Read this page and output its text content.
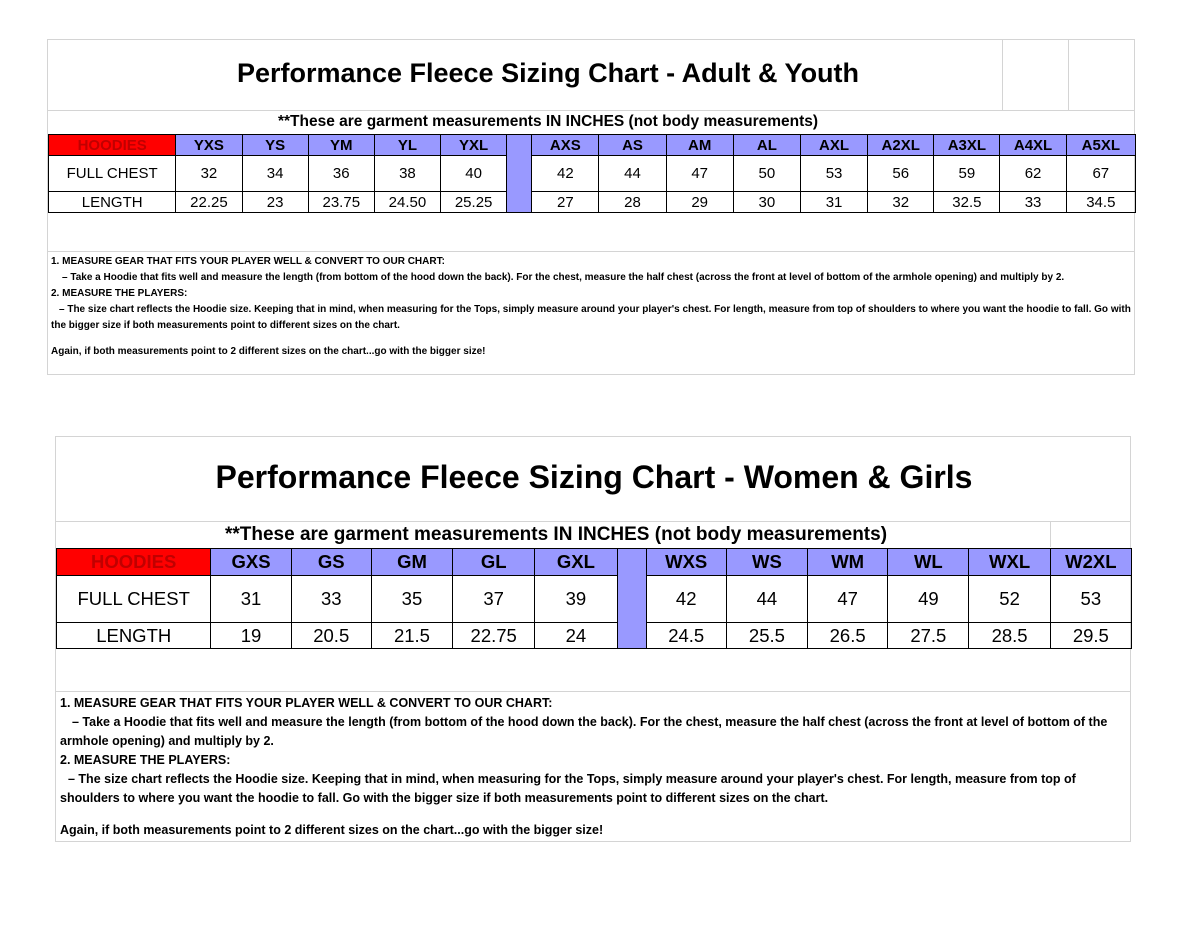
Performance Fleece Sizing Chart - Adult & Youth
**These are garment measurements IN INCHES (not body measurements)
HOODIES	YXS	YS	YM	YL	YXL		AXS	AS	AM	AL	AXL	A2XL	A3XL	A4XL	A5XL
FULL CHEST	32	34	36	38	40		42	44	47	50	53	56	59	62	67
LENGTH	22.25	23	23.75	24.50	25.25		27	28	29	30	31	32	32.5	33	34.5

1. MEASURE GEAR THAT FITS YOUR PLAYER WELL & CONVERT TO OUR CHART:

– Take a Hoodie that fits well and measure the length (from bottom of the hood down the back). For the chest, measure the half chest (across the front at level of bottom of the armhole opening) and multiply by 2.

2. MEASURE THE PLAYERS:

– The size chart reflects the Hoodie size. Keeping that in mind, when measuring for the Tops, simply measure around your player's chest. For length, measure from top of shoulders to where you want the hoodie to fall. Go with the bigger size if both measurements point to different sizes on the chart.

Again, if both measurements point to 2 different sizes on the chart...go with the bigger size!

Performance Fleece Sizing Chart - Women & Girls
**These are garment measurements IN INCHES (not body measurements)
HOODIES	GXS	GS	GM	GL	GXL		WXS	WS	WM	WL	WXL	W2XL
FULL CHEST	31	33	35	37	39		42	44	47	49	52	53
LENGTH	19	20.5	21.5	22.75	24		24.5	25.5	26.5	27.5	28.5	29.5

1. MEASURE GEAR THAT FITS YOUR PLAYER WELL & CONVERT TO OUR CHART:

– Take a Hoodie that fits well and measure the length (from bottom of the hood down the back). For the chest, measure the half chest (across the front at level of bottom of the armhole opening) and multiply by 2.

2. MEASURE THE PLAYERS:

– The size chart reflects the Hoodie size. Keeping that in mind, when measuring for the Tops, simply measure around your player's chest. For length, measure from top of shoulders to where you want the hoodie to fall. Go with the bigger size if both measurements point to different sizes on the chart.

Again, if both measurements point to 2 different sizes on the chart...go with the bigger size!
